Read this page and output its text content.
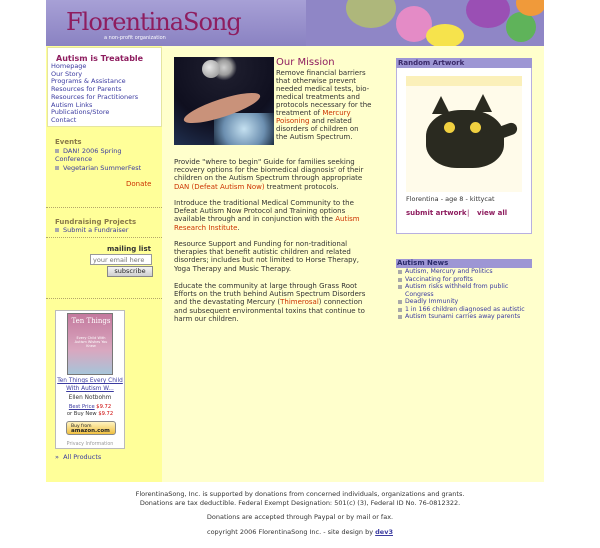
FlorentinaSong
a non-profit organization
Autism is Treatable
Homepage
Our Story
Programs & Assistance
Resources for Parents
Resources for Practitioners
Autism Links
Publications/Store
Contact
Events
DAN! 2006 Spring Conference
Vegetarian SummerFest
Donate
Fundraising Projects
Submit a Fundraiser
mailing list
your email here
subscribe
Ten Things
Every Child With Autism Wishes You Knew
Ten Things Every Child With Autism W...
Ellen Notbohm
Best Price $9.72
or Buy New $9.72
Buy from
amazon.com
Privacy Information
»  All Products
Our Mission
Remove financial barriers that otherwise prevent needed medical tests, bio-medical treatments and protocols necessary for the treatment of Mercury Poisoning and related disorders of children on the Autism Spectrum.
Provide "where to begin" Guide for families seeking recovery options for the biomedical diagnosis' of their children on the Autism Spectrum through appropriate DAN (Defeat Autism Now) treatment protocols.
Introduce the traditional Medical Community to the Defeat Autism Now Protocol and Training options available through and in conjunction with the Autism Research Institute.
Resource Support and Funding for non-traditional therapies that benefit autistic children and related disorders; includes but not limited to Horse Therapy, Yoga Therapy and Music Therapy.
Educate the community at large through Grass Root Efforts on the truth behind Autism Spectrum Disorders and the devastating Mercury (Thimerosal) connection and subsequent environmental toxins that continue to harm our children.
Random Artwork
Florentina - age 8 - kittycat
submit artwork | view all
Autism News
Autism, Mercury and Politics
Vaccinating for profits
Autism risks withheld from public Congress
Deadly Immunity
1 in 166 children diagnosed as autistic
Autism tsunami carries away parents
FlorentinaSong, Inc. is supported by donations from concerned individuals, organizations and grants.
Donations are tax deductible. Federal Exempt Designation: 501(c) (3), Federal ID No. 76-0812322.
Donations are accepted through Paypal or by mail or fax.
copyright 2006 FlorentinaSong Inc. - site design by dev3
